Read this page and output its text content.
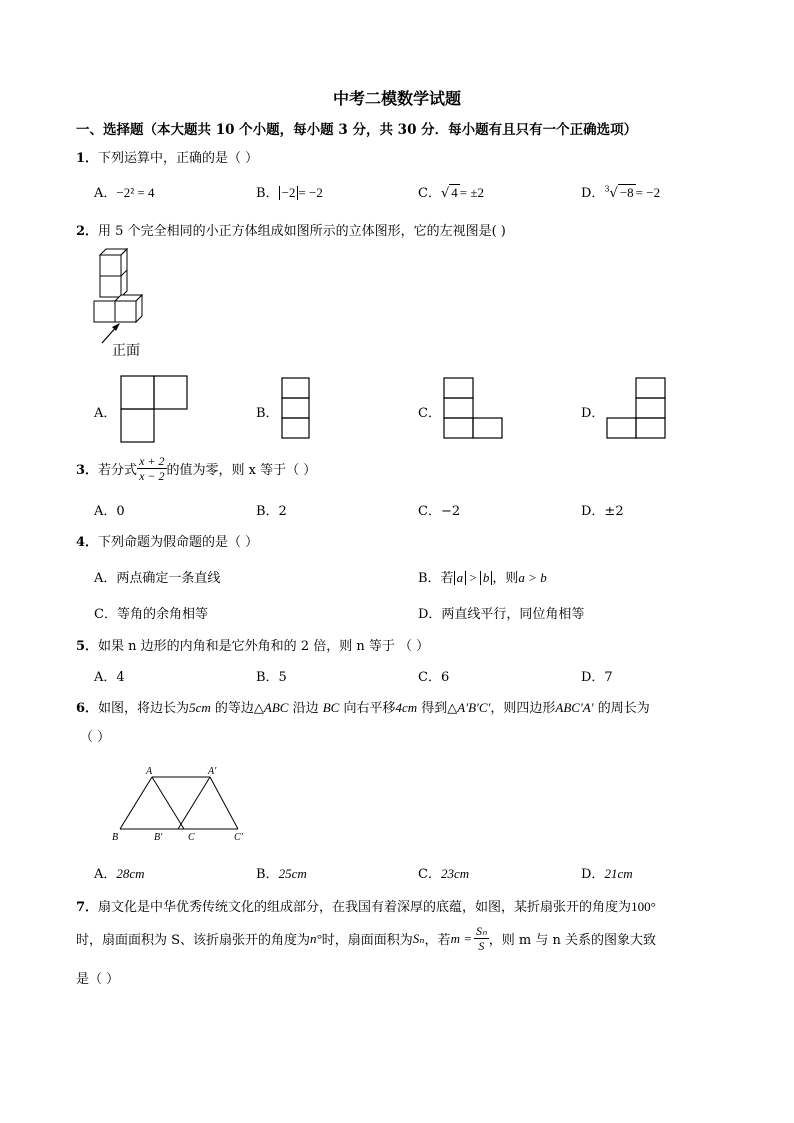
中考二模数学试题
一、选择题（本大题共 10 个小题，每小题 3 分，共 30 分．每小题有且只有一个正确选项）
1．下列运算中，正确的是（ ）
A．−2² = 4	B． −2 = −2	C．√ 4 = ±2	D．$^3$√ −8 = −2
2．用 5 个完全相同的小正方体组成如图所示的立体图形，它的左视图是( )
正面
A．	B．	C．	D．
3． 若分式 $\frac{x + 2}{x - 2}$ 的值为零，则 x 等于（ ）
A．0	B．2	C．−2	D．±2
4．下列命题为假命题的是（ ）
A．两点确定一条直线	B．若 a > b ，则a > b
C．等角的余角相等	D．两直线平行，同位角相等
5．如果 n 边形的内角和是它外角和的 2 倍，则 n 等于 （ ）
A．4	B．5	C．6	D．7
6．如图，将边长为5cm 的等边△ABC 沿边 BC 向右平移4cm 得到△A′B′C′，则四边形ABC′A′ 的周长为
（ ）
A	A′
B	B′	C	C′
A．28cm	B．25cm	C．23cm	D．21cm
7．扇文化是中华优秀传统文化的组成部分，在我国有着深厚的底蕴，如图，某折扇张开的角度为100°
时，扇面面积为 S、该折扇张开的角度为 n° 时，扇面面积为 Sₙ ，若 $m = \frac{\text{Sₙ}}{S}$ ，则 m 与 n 关系的图象大致
是（ ）
